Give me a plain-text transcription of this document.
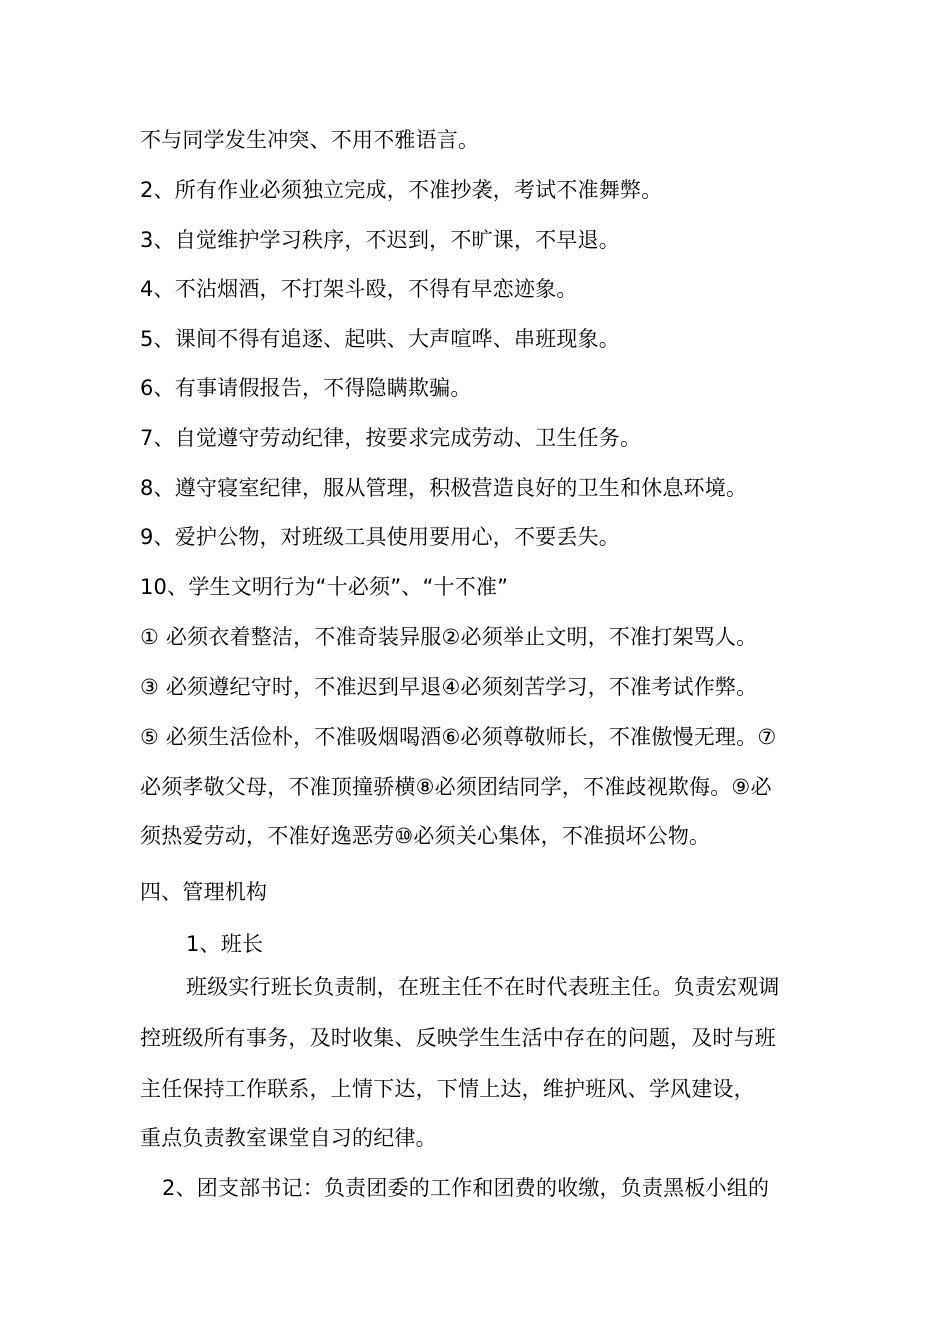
不与同学发生冲突、不用不雅语言。
2、所有作业必须独立完成，不准抄袭，考试不准舞弊。
3、自觉维护学习秩序，不迟到，不旷课，不早退。
4、不沾烟酒，不打架斗殴，不得有早恋迹象。
5、课间不得有追逐、起哄、大声喧哗、串班现象。
6、有事请假报告，不得隐瞒欺骗。
7、自觉遵守劳动纪律，按要求完成劳动、卫生任务。
8、遵守寝室纪律，服从管理，积极营造良好的卫生和休息环境。
9、爱护公物，对班级工具使用要用心，不要丢失。
10、学生文明行为“十必须”、“十不准”
① 必须衣着整洁，不准奇装异服②必须举止文明，不准打架骂人。
③ 必须遵纪守时，不准迟到早退④必须刻苦学习，不准考试作弊。
⑤ 必须生活俭朴，不准吸烟喝酒⑥必须尊敬师长，不准傲慢无理。⑦
必须孝敬父母，不准顶撞骄横⑧必须团结同学，不准歧视欺侮。⑨必
须热爱劳动，不准好逸恶劳⑩必须关心集体，不准损坏公物。
四、管理机构
1、班长
班级实行班长负责制，在班主任不在时代表班主任。负责宏观调
控班级所有事务，及时收集、反映学生生活中存在的问题，及时与班
主任保持工作联系，上情下达，下情上达，维护班风、学风建设，
重点负责教室课堂自习的纪律。
2、团支部书记：负责团委的工作和团费的收缴，负责黑板小组的
